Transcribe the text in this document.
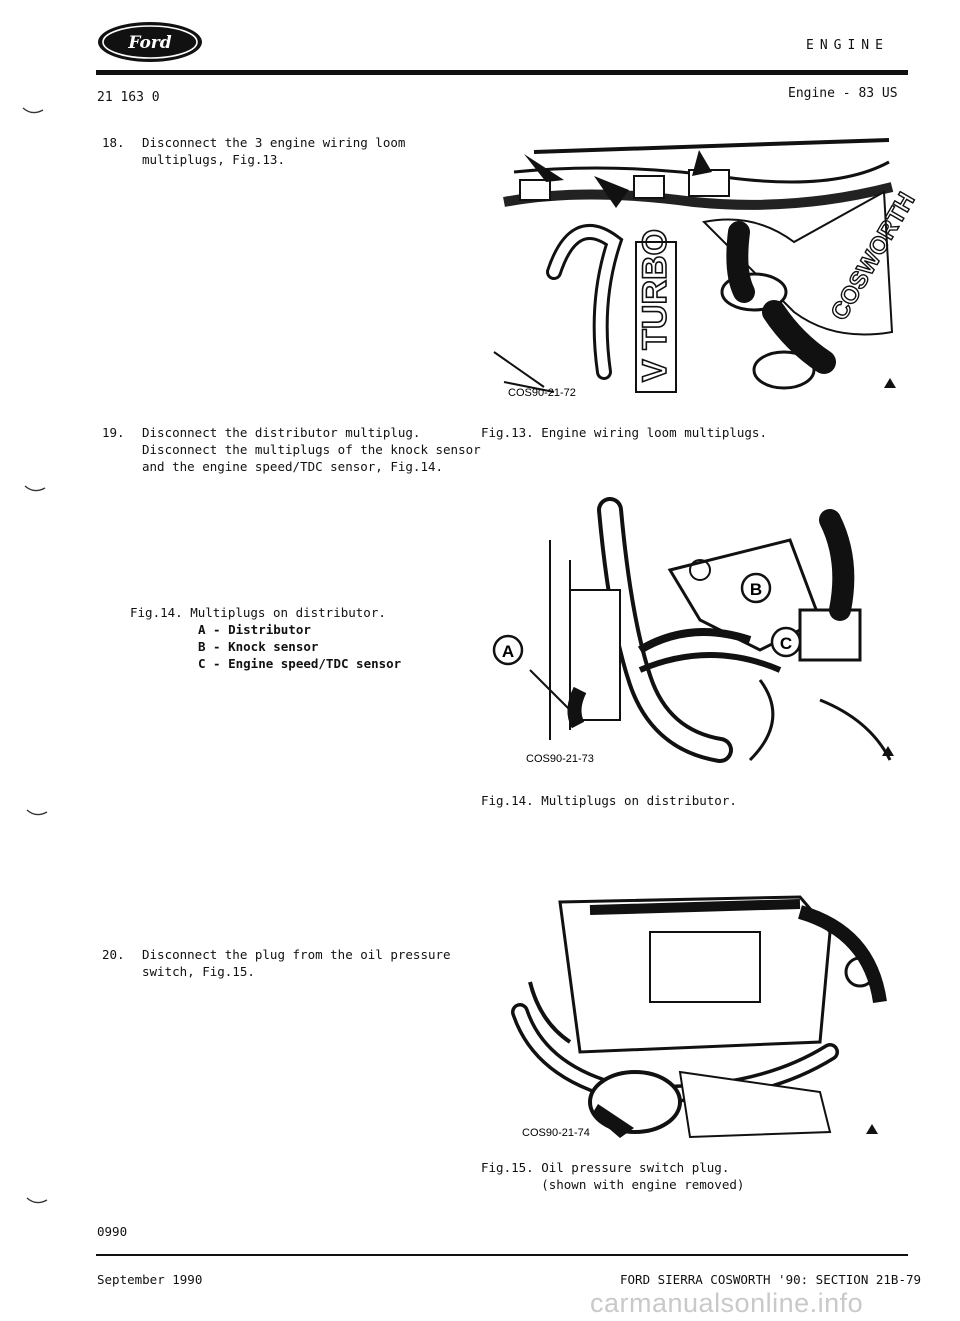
Ford	ENGINE
21 163 0	Engine - 83 US
18. Disconnect the 3 engine wiring loom
multiplugs, Fig.13.
V TURBO	COSWORTH
COS90-21-72
Fig.13. Engine wiring loom multiplugs.
19. Disconnect the distributor multiplug.
Disconnect the multiplugs of the knock sensor
and the engine speed/TDC sensor, Fig.14.
Fig.14. Multiplugs on distributor.
A - Distributor
B - Knock sensor
C - Engine speed/TDC sensor
B
C
A
COS90-21-73
Fig.14. Multiplugs on distributor.
20. Disconnect the plug from the oil pressure
switch, Fig.15.
COS90-21-74
Fig.15. Oil pressure switch plug.
(shown with engine removed)
0990
September 1990	FORD SIERRA COSWORTH '90: SECTION 21B-79
carmanualsonline.info
